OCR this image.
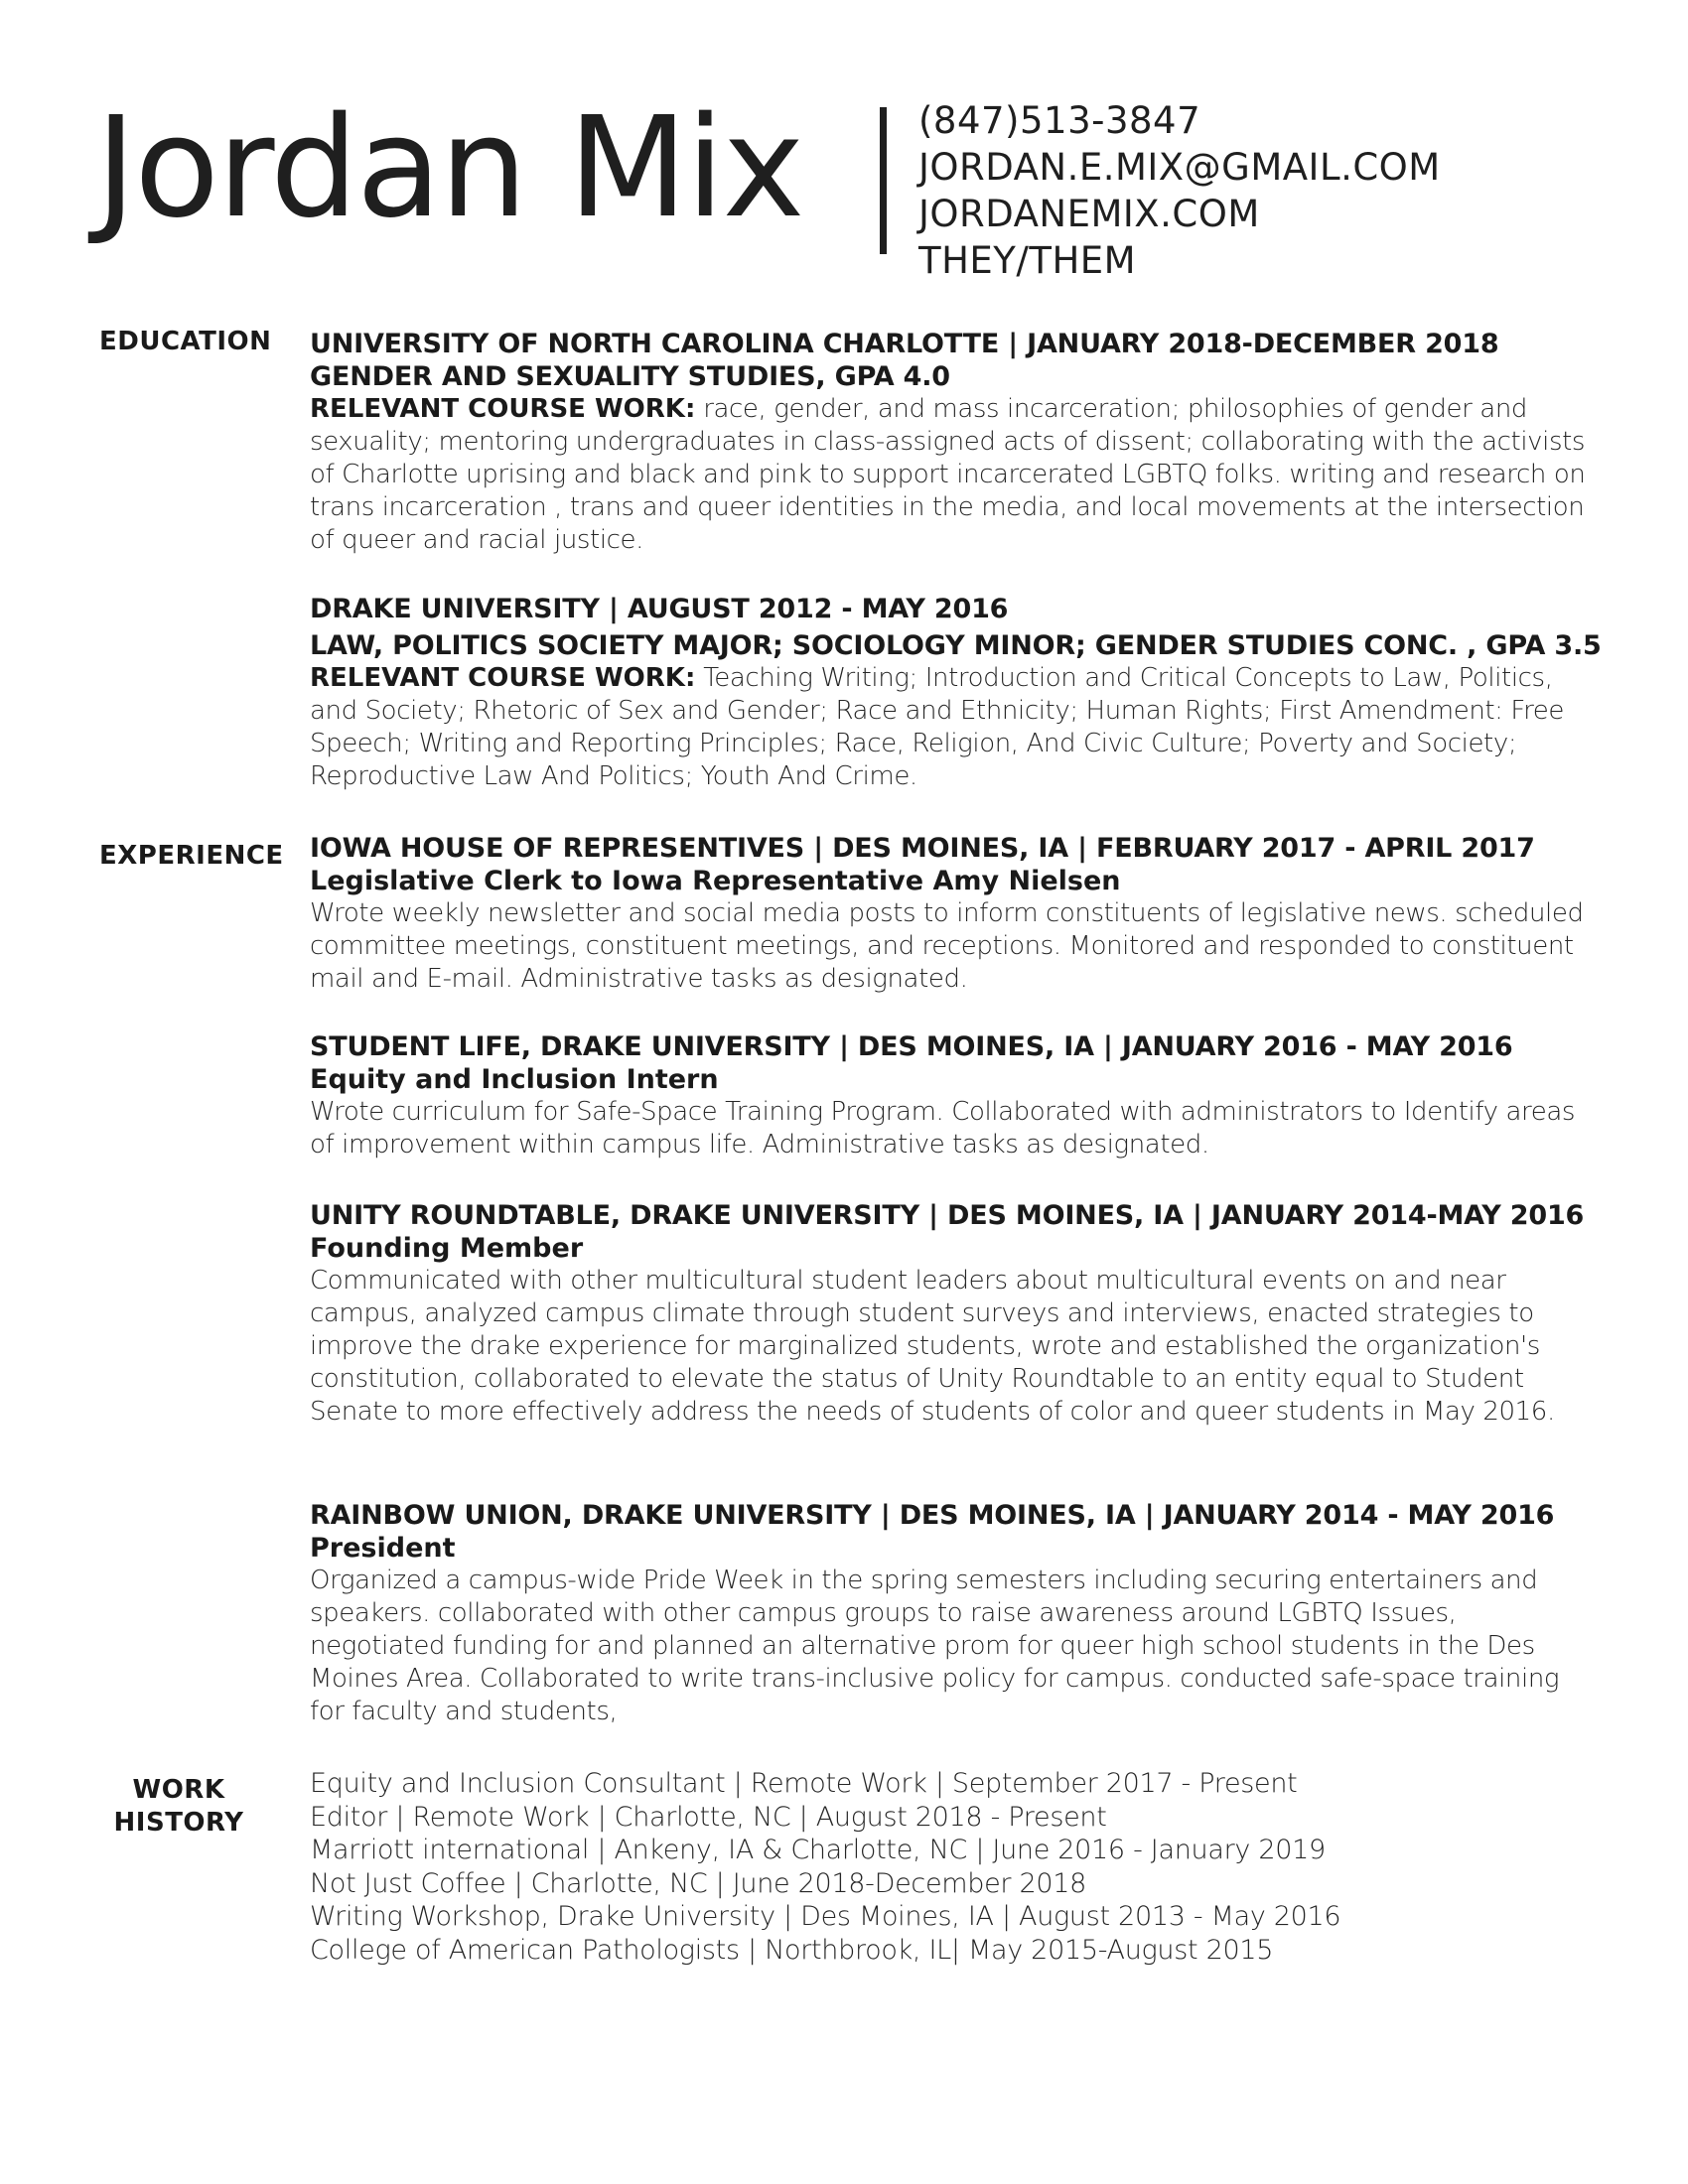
Jordan Mix	(847)513-3847
JORDAN.E.MIX@GMAIL.COM
JORDANEMIX.COM
THEY/THEM
EDUCATION UNIVERSITY OF NORTH CAROLINA CHARLOTTE | JANUARY 2018-DECEMBER 2018

GENDER AND SEXUALITY STUDIES, GPA 4.0

RELEVANT COURSE WORK: race, gender, and mass incarceration; philosophies of gender and sexuality; mentoring undergraduates in class-assigned acts of dissent; collaborating with the activists of Charlotte uprising and black and pink to support incarcerated LGBTQ folks. writing and research on trans incarceration , trans and queer identities in the media, and local movements at the intersection of queer and racial justice.

DRAKE UNIVERSITY | AUGUST 2012 - MAY 2016

LAW, POLITICS SOCIETY MAJOR; SOCIOLOGY MINOR; GENDER STUDIES CONC. , GPA 3.5

RELEVANT COURSE WORK: Teaching Writing; Introduction and Critical Concepts to Law, Politics, and Society; Rhetoric of Sex and Gender; Race and Ethnicity; Human Rights; First Amendment: Free Speech; Writing and Reporting Principles; Race, Religion, And Civic Culture; Poverty and Society; Reproductive Law And Politics; Youth And Crime.

EXPERIENCE IOWA HOUSE OF REPRESENTIVES | DES MOINES, IA | FEBRUARY 2017 - APRIL 2017

Legislative Clerk to Iowa Representative Amy Nielsen

Wrote weekly newsletter and social media posts to inform constituents of legislative news. scheduled committee meetings, constituent meetings, and receptions. Monitored and responded to constituent mail and E-mail. Administrative tasks as designated.

STUDENT LIFE, DRAKE UNIVERSITY | DES MOINES, IA | JANUARY 2016 - MAY 2016

Equity and Inclusion Intern

Wrote curriculum for Safe-Space Training Program. Collaborated with administrators to Identify areas of improvement within campus life. Administrative tasks as designated.

UNITY ROUNDTABLE, DRAKE UNIVERSITY | DES MOINES, IA | JANUARY 2014-MAY 2016

Founding Member

Communicated with other multicultural student leaders about multicultural events on and near campus, analyzed campus climate through student surveys and interviews, enacted strategies to improve the drake experience for marginalized students, wrote and established the organization's constitution, collaborated to elevate the status of Unity Roundtable to an entity equal to Student Senate to more effectively address the needs of students of color and queer students in May 2016.

RAINBOW UNION, DRAKE UNIVERSITY | DES MOINES, IA | JANUARY 2014 - MAY 2016

President

Organized a campus-wide Pride Week in the spring semesters including securing entertainers and speakers. collaborated with other campus groups to raise awareness around LGBTQ Issues, negotiated funding for and planned an alternative prom for queer high school students in the Des Moines Area. Collaborated to write trans-inclusive policy for campus. conducted safe-space training for faculty and students,

WORK
HISTORY
Equity and Inclusion Consultant | Remote Work | September 2017 - Present
Editor | Remote Work | Charlotte, NC | August 2018 - Present
Marriott international | Ankeny, IA & Charlotte, NC | June 2016 - January 2019
Not Just Coffee | Charlotte, NC | June 2018-December 2018
Writing Workshop, Drake University | Des Moines, IA | August 2013 - May 2016
College of American Pathologists | Northbrook, IL| May 2015-August 2015
